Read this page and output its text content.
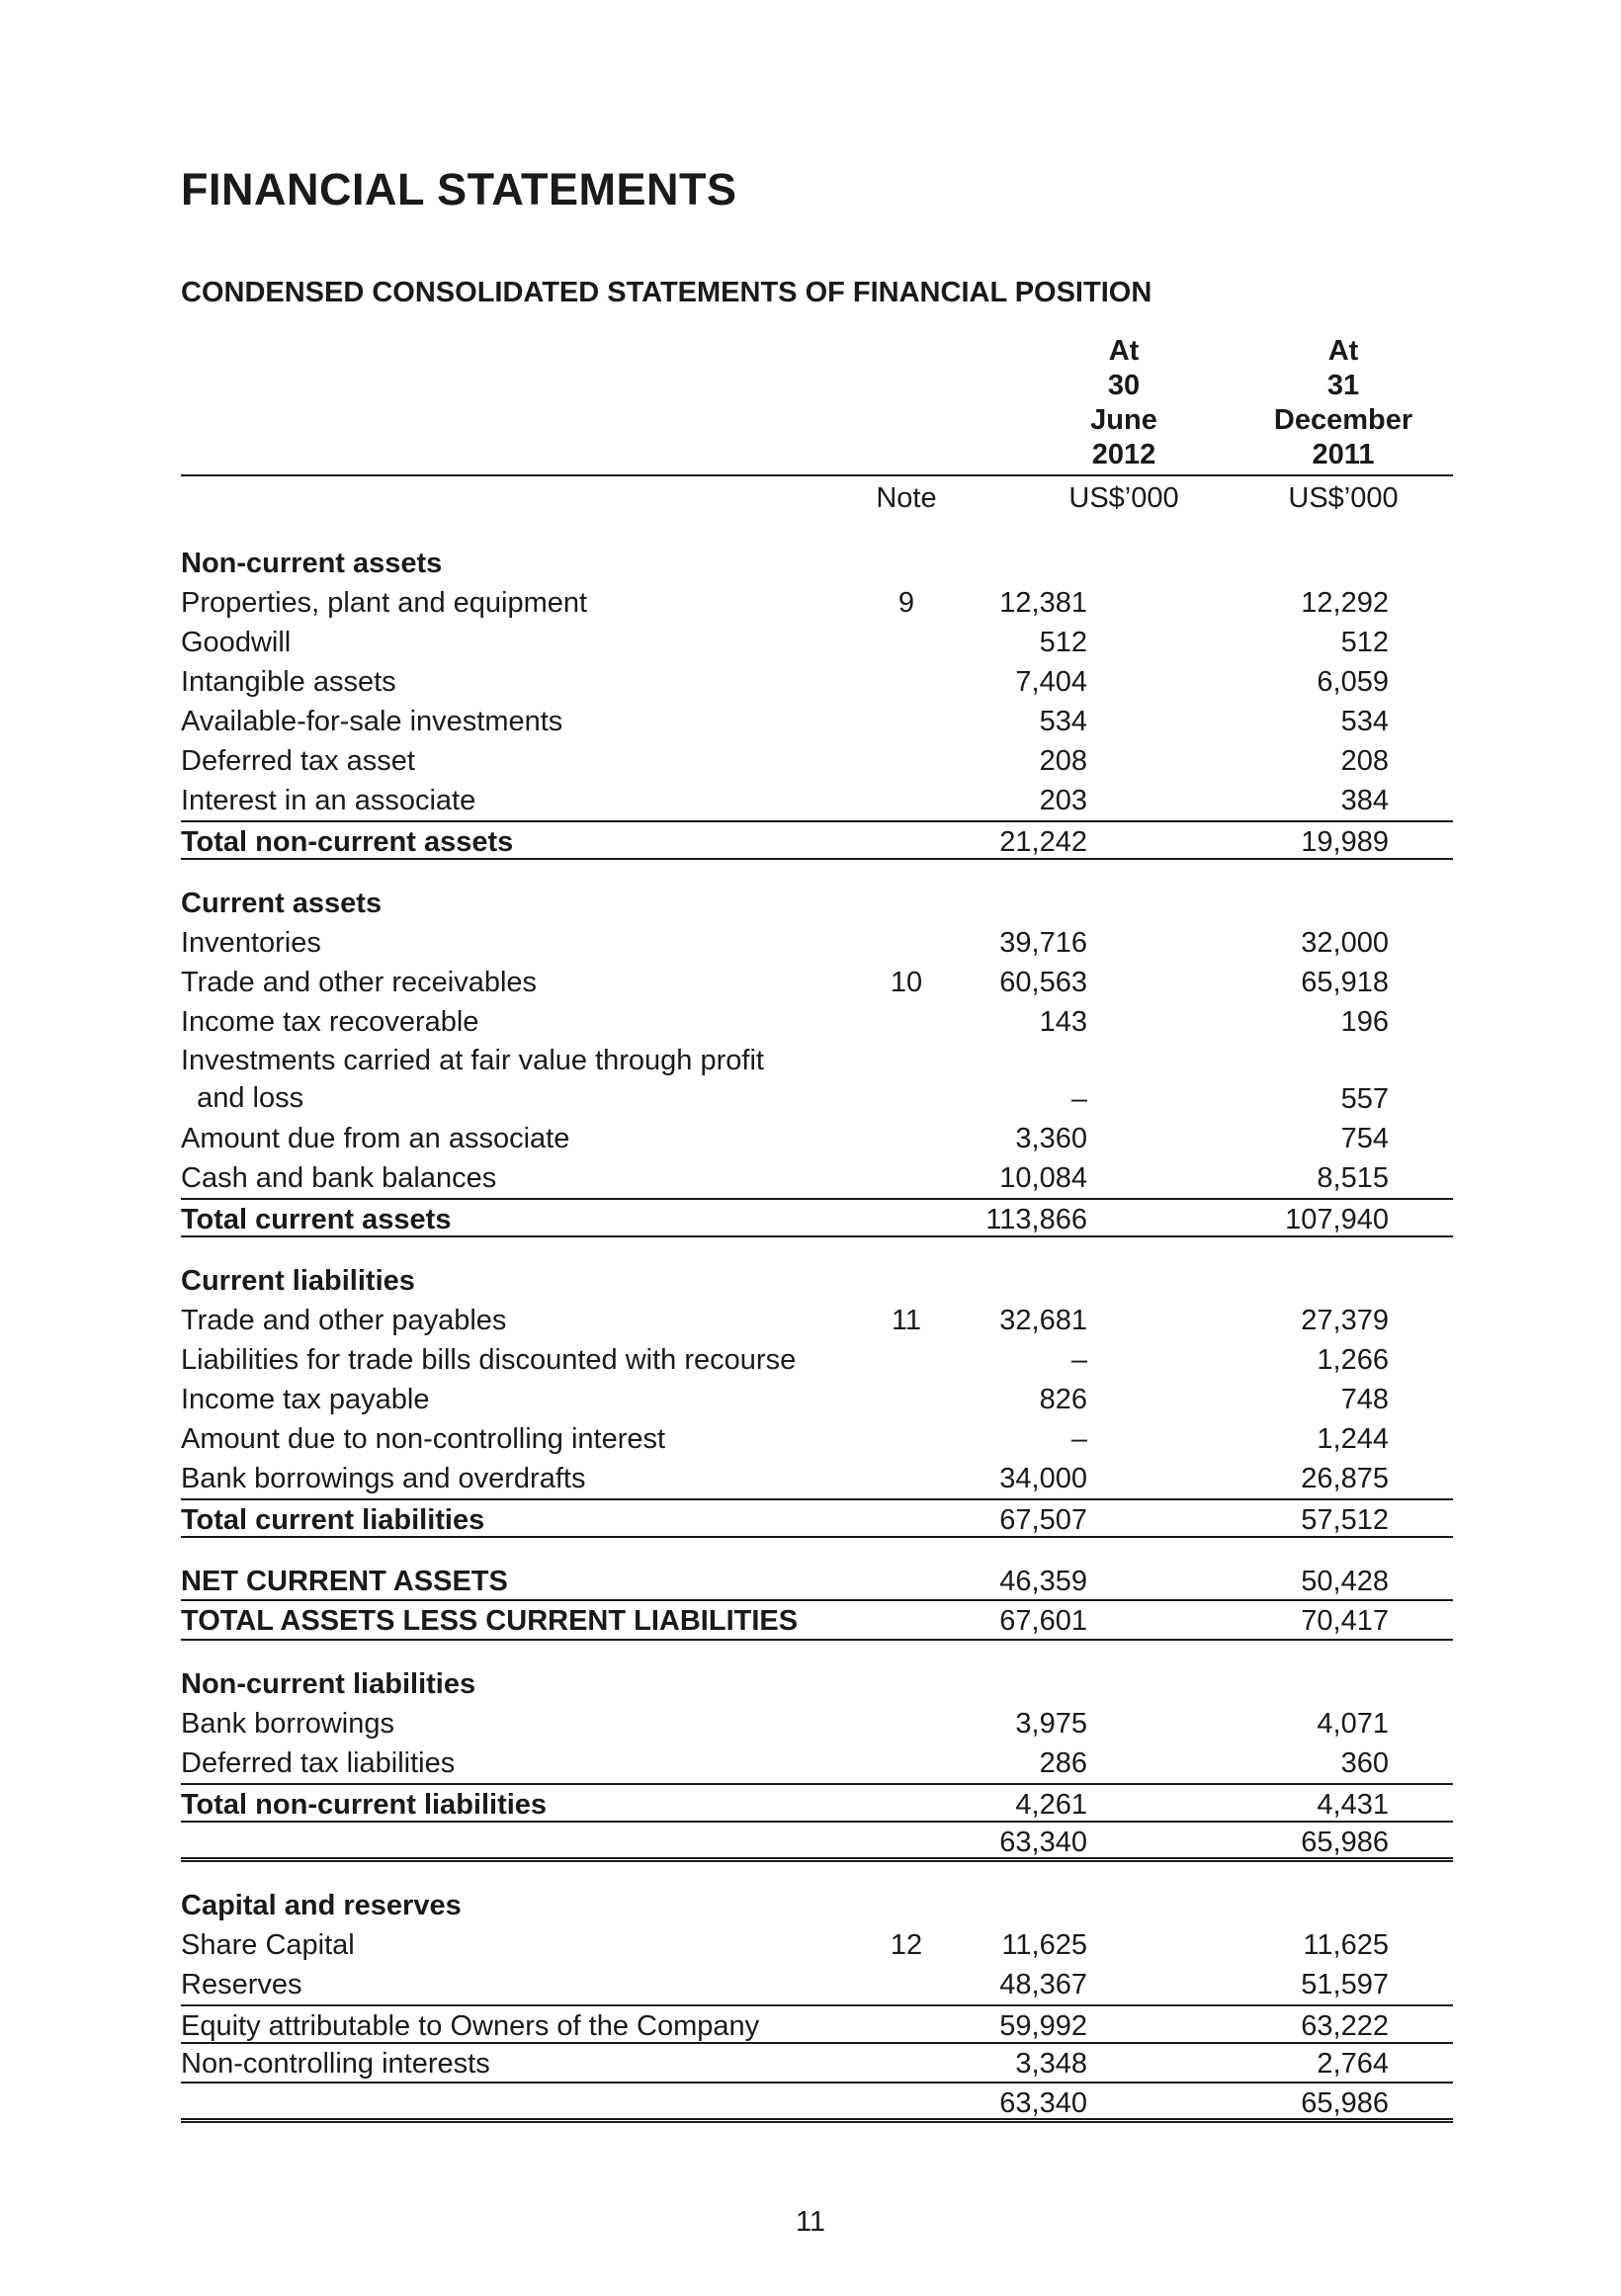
FINANCIAL STATEMENTS
CONDENSED CONSOLIDATED STATEMENTS OF FINANCIAL POSITION
At
30
June
2012
At
31
December
2011
Note	US$’000	US$’000
Non-current assets
Properties, plant and equipment	9	12,381	12,292
Goodwill	512	512
Intangible assets	7,404	6,059
Available-for-sale investments	534	534
Deferred tax asset	208	208
Interest in an associate	203	384
Total non-current assets	21,242	19,989
Current assets
Inventories	39,716	32,000
Trade and other receivables	10	60,563	65,918
Income tax recoverable	143	196
Investments carried at fair value through profit
and loss	–	557
Amount due from an associate	3,360	754
Cash and bank balances	10,084	8,515
Total current assets	113,866	107,940
Current liabilities
Trade and other payables	11	32,681	27,379
Liabilities for trade bills discounted with recourse	–	1,266
Income tax payable	826	748
Amount due to non-controlling interest	–	1,244
Bank borrowings and overdrafts	34,000	26,875
Total current liabilities	67,507	57,512
NET CURRENT ASSETS	46,359	50,428
TOTAL ASSETS LESS CURRENT LIABILITIES	67,601	70,417
Non-current liabilities
Bank borrowings	3,975	4,071
Deferred tax liabilities	286	360
Total non-current liabilities	4,261	4,431
63,340	65,986
Capital and reserves
Share Capital	12	11,625	11,625
Reserves	48,367	51,597
Equity attributable to Owners of the Company	59,992	63,222
Non-controlling interests	3,348	2,764
63,340	65,986
11
